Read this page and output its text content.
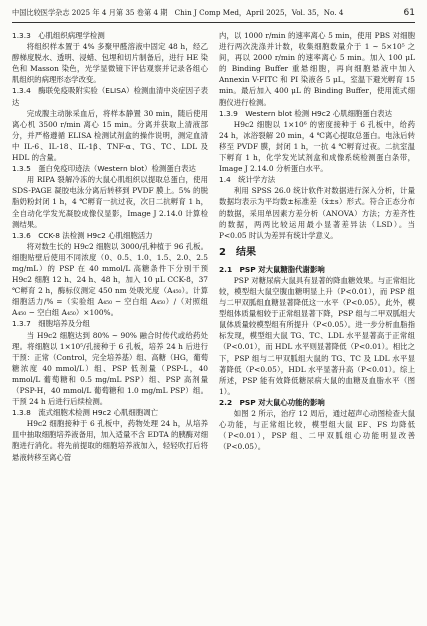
中国比较医学杂志 2025 年 4 月第 35 卷第 4 期　Chin J Comp Med，April 2025，Vol. 35，No. 4	61
1.3.3　心肌组织病理学检测
将组织样本置于 4% 多聚甲醛溶液中固定 48 h，经乙醇梯度脱水、透明、浸蜡、包埋和切片制备后，进行 HE 染色和 Masson 染色，光学显微镜下评估观察并记录各组心肌组织的病理形态学改变。
1.3.4　酶联免疫吸附实验（ELISA）检测血清中炎症因子表达
完成腹主动脉采血后，将样本静置 30 min，随后使用离心机 3500 r/min 离心 15 min。分离并获取上清液部分，并严格遵循 ELISA 检测试剂盒的操作说明，测定血清中 IL-6、IL-18、IL-1β、TNF-α、TG、TC、LDL 及 HDL 的含量。
1.3.5　蛋白免疫印迹法（Western blot）检测蛋白表达
用 RIPA 裂解冷冻的大鼠心肌组织以提取总蛋白，使用 SDS-PAGE 凝胶电泳分离后转移到 PVDF 膜上。5% 的脱脂奶粉封闭 1 h，4 ℃孵育一抗过夜，次日二抗孵育 1 h，全自动化学发光凝胶成像仪显影，Image J 2.14.0 计算检测结果。
1.3.6　CCK-8 法检测 H9c2 心肌细胞活力
将对数生长的 H9c2 细胞以 3000/孔种植于 96 孔板。细胞贴壁后使用不同浓度（0、0.5、1.0、1.5、2.0、2.5 mg/mL）的 PSP 在 40 mmol/L 高糖条件下分别干预 H9c2 细胞 12 h、24 h、48 h，加入 10 μL CCK-8，37 ℃孵育 2 h，酶标仪测定 450 nm 处吸光度（A₄₅₀）。计算细胞活力/% =（实验组 A₄₅₀ − 空白组 A₄₅₀）/（对照组 A₄₅₀ − 空白组 A₄₅₀）×100%。
1.3.7　细胞培养及分组
当 H9c2 细胞达到 80% ~ 90% 融合时传代或给药处理。将细胞以 1×10⁵/孔接种于 6 孔板，培养 24 h 后进行干预：正常（Control，完全培养基）组、高糖（HG，葡萄糖浓度 40 mmol/L）组、PSP 低剂量（PSP-L，40 mmol/L 葡萄糖和 0.5 mg/mL PSP）组、PSP 高剂量（PSP-H，40 mmol/L 葡萄糖和 1.0 mg/mL PSP）组。干预 24 h 后进行后续检测。
1.3.8　流式细胞术检测 H9c2 心肌细胞凋亡
H9c2 细胞接种于 6 孔板中，药物处理 24 h，从培养皿中抽取细胞培养液备用，加入适量不含 EDTA 的胰酶对细胞进行消化。将先前提取的细胞培养液加入，轻轻吹打后将悬液转移至离心管
内，以 1000 r/min 的速率离心 5 min，使用 PBS 对细胞进行两次洗涤并计数，收集细胞数量介于 1 ~ 5×10⁵ 之间，再以 2000 r/min 的速率离心 5 min。加入 100 μL 的 Binding Buffer 重悬细胞，再向细胞悬液中加入 Annexin V-FITC 和 PI 染液各 5 μL，室温下避光孵育 15 min。最后加入 400 μL 的 Binding Buffer，使用流式细胞仪进行检测。
1.3.9　Western blot 检测 H9c2 心肌细胞蛋白表达
H9c2 细胞以 1×10⁶ 的密度接种于 6 孔板中，给药 24 h，冰浴裂解 20 min，4 ℃离心提取总蛋白。电泳后转移至 PVDF 膜，封闭 1 h，一抗 4 ℃孵育过夜。二抗室温下孵育 1 h，化学发光试剂盒和成像系统检测蛋白条带，Image J 2.14.0 分析蛋白水平。
1.4　统计学方法
利用 SPSS 26.0 统计软件对数据进行深入分析，计量数据均表示为平均数±标准差（x̄±s）形式。符合正态分布的数据，采用单因素方差分析（ANOVA）方法；方差齐性的数据，两两比较运用最小显著差异法（LSD）。当 P<0.05 时认为差异有统计学意义。
2　结果
2.1　PSP 对大鼠糖脂代谢影响
PSP 对糖尿病大鼠具有显著的降血糖效果。与正常组比较，模型组大鼠空腹血糖明显上升（P<0.01），而 PSP 组与二甲双胍组血糖显著降低这一水平（P<0.05）。此外，模型组体质量相较于正常组显著下降，PSP 组与二甲双胍组大鼠体质量较模型组有所提升（P<0.05）。进一步分析血脂指标发现，模型组大鼠 TG、TC、LDL 水平显著高于正常组（P<0.01），而 HDL 水平则显著降低（P<0.01）。相比之下，PSP 组与二甲双胍组大鼠的 TG、TC 及 LDL 水平显著降低（P<0.05），HDL 水平显著升高（P<0.01）。综上所述，PSP 能有效降低糖尿病大鼠的血糖及血脂水平（图 1）。
2.2　PSP 对大鼠心功能的影响
如图 2 所示，治疗 12 周后，通过超声心动图检查大鼠心功能，与正常组比较，模型组大鼠 EF、FS 均降低（P<0.01），PSP 组、二甲双胍组心功能明显改善（P<0.05）。
